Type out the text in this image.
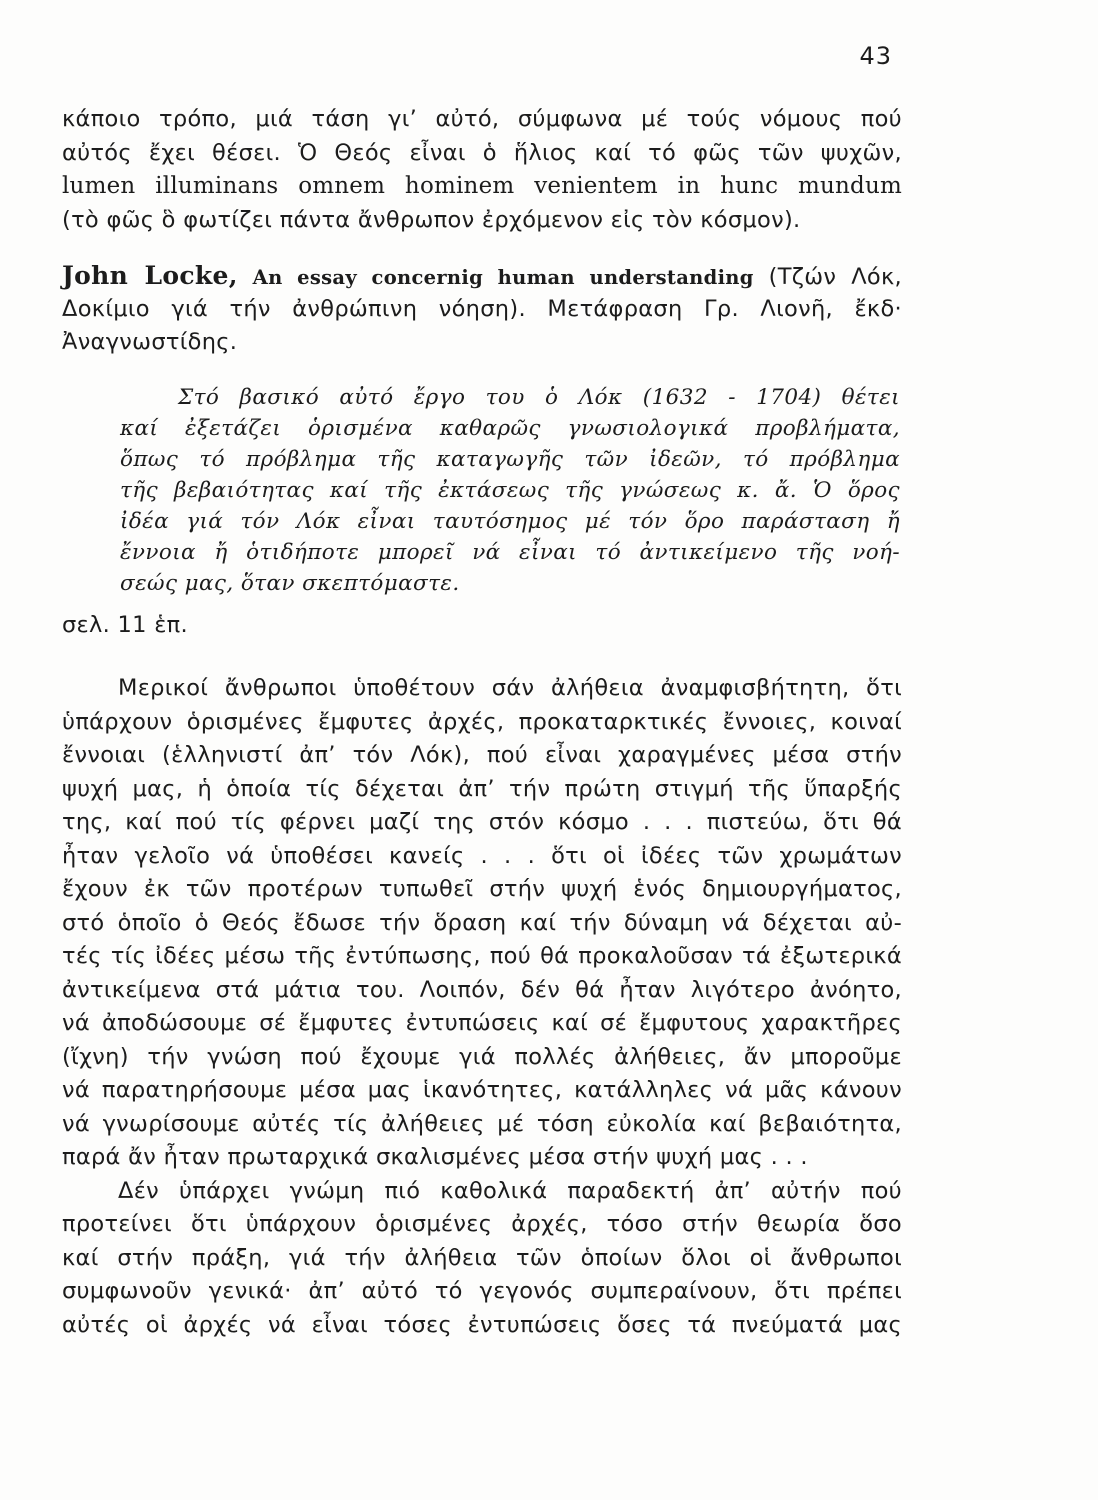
43
κάποιο τρόπο, μιά τάση γι’ αὐτό, σύμφωνα μέ τούς νόμους πού
αὐτός ἔχει θέσει. Ὁ Θεός εἶναι ὁ ἥλιος καί τό φῶς τῶν ψυχῶν,
lumen illuminans omnem hominem venientem in hunc mundum
(τὸ φῶς ὃ φωτίζει πάντα ἄνθρωπον ἐρχόμενον εἰς τὸν κόσμον).
John Locke, An essay concernig human understanding (Τζών Λόκ,
Δοκίμιο γιά τήν ἀνθρώπινη νόηση). Μετάφραση Γρ. Λιονῆ, ἔκδ·
Ἀναγνωστίδης.
Στό βασικό αὐτό ἔργο του ὁ Λόκ (1632 - 1704) θέτει
καί ἐξετάζει ὁρισμένα καθαρῶς γνωσιολογικά προβλήματα,
ὅπως τό πρόβλημα τῆς καταγωγῆς τῶν ἰδεῶν, τό πρόβλημα
τῆς βεβαιότητας καί τῆς ἐκτάσεως τῆς γνώσεως κ. ἄ. Ὁ ὅρος
ἰδέα γιά τόν Λόκ εἶναι ταυτόσημος μέ τόν ὅρο παράσταση ἤ
ἔννοια ἤ ὁτιδήποτε μπορεῖ νά εἶναι τό ἀντικείμενο τῆς νοή-
σεώς μας, ὅταν σκεπτόμαστε.
σελ. 11 ἑπ.
Μερικοί ἄνθρωποι ὑποθέτουν σάν ἀλήθεια ἀναμφισβήτητη, ὅτι
ὑπάρχουν ὁρισμένες ἔμφυτες ἀρχές, προκαταρκτικές ἔννοιες, κοιναί
ἔννοιαι (ἑλληνιστί ἀπ’ τόν Λόκ), πού εἶναι χαραγμένες μέσα στήν
ψυχή μας, ἡ ὁποία τίς δέχεται ἀπ’ τήν πρώτη στιγμή τῆς ὕπαρξής
της, καί πού τίς φέρνει μαζί της στόν κόσμο . . . πιστεύω, ὅτι θά
ἦταν γελοῖο νά ὑποθέσει κανείς . . . ὅτι οἱ ἰδέες τῶν χρωμάτων
ἔχουν ἐκ τῶν προτέρων τυπωθεῖ στήν ψυχή ἑνός δημιουργήματος,
στό ὁποῖο ὁ Θεός ἔδωσε τήν ὅραση καί τήν δύναμη νά δέχεται αὐ-
τές τίς ἰδέες μέσω τῆς ἐντύπωσης, πού θά προκαλοῦσαν τά ἐξωτερικά
ἀντικείμενα στά μάτια του. Λοιπόν, δέν θά ἦταν λιγότερο ἀνόητο,
νά ἀποδώσουμε σέ ἔμφυτες ἐντυπώσεις καί σέ ἔμφυτους χαρακτῆρες
(ἴχνη) τήν γνώση πού ἔχουμε γιά πολλές ἀλήθειες, ἄν μποροῦμε
νά παρατηρήσουμε μέσα μας ἱκανότητες, κατάλληλες νά μᾶς κάνουν
νά γνωρίσουμε αὐτές τίς ἀλήθειες μέ τόση εὐκολία καί βεβαιότητα,
παρά ἄν ἦταν πρωταρχικά σκαλισμένες μέσα στήν ψυχή μας . . .
Δέν ὑπάρχει γνώμη πιό καθολικά παραδεκτή ἀπ’ αὐτήν πού
προτείνει ὅτι ὑπάρχουν ὁρισμένες ἀρχές, τόσο στήν θεωρία ὅσο
καί στήν πράξη, γιά τήν ἀλήθεια τῶν ὁποίων ὅλοι οἱ ἄνθρωποι
συμφωνοῦν γενικά· ἀπ’ αὐτό τό γεγονός συμπεραίνουν, ὅτι πρέπει
αὐτές οἱ ἀρχές νά εἶναι τόσες ἐντυπώσεις ὅσες τά πνεύματά μας
